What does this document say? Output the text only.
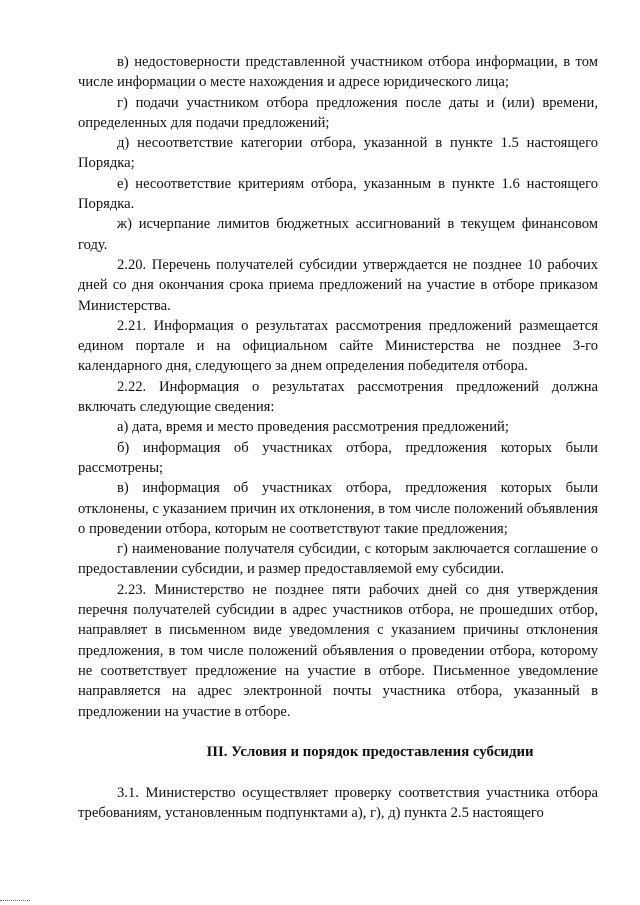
в) недостоверности представленной участником отбора информации, в том числе информации о месте нахождения и адресе юридического лица;

г) подачи участником отбора предложения после даты и (или) времени, определенных для подачи предложений;

д) несоответствие категории отбора, указанной в пункте 1.5 настоящего Порядка;

е) несоответствие критериям отбора, указанным в пункте 1.6 настоящего Порядка.

ж) исчерпание лимитов бюджетных ассигнований в текущем финансовом году.

2.20. Перечень получателей субсидии утверждается не позднее 10 рабочих дней со дня окончания срока приема предложений на участие в отборе приказом Министерства.

2.21. Информация о результатах рассмотрения предложений размещается едином портале и на официальном сайте Министерства не позднее 3-го календарного дня, следующего за днем определения победителя отбора.

2.22. Информация о результатах рассмотрения предложений должна включать следующие сведения:

а) дата, время и место проведения рассмотрения предложений;

б) информация об участниках отбора, предложения которых были рассмотрены;

в) информация об участниках отбора, предложения которых были отклонены, с указанием причин их отклонения, в том числе положений объявления о проведении отбора, которым не соответствуют такие предложения;

г) наименование получателя субсидии, с которым заключается соглашение о предоставлении субсидии, и размер предоставляемой ему субсидии.

2.23. Министерство не позднее пяти рабочих дней со дня утверждения перечня получателей субсидии в адрес участников отбора, не прошедших отбор, направляет в письменном виде уведомления с указанием причины отклонения предложения, в том числе положений объявления о проведении отбора, которому не соответствует предложение на участие в отборе. Письменное уведомление направляется на адрес электронной почты участника отбора, указанный в предложении на участие в отборе.

III. Условия и порядок предоставления субсидии

3.1. Министерство осуществляет проверку соответствия участника отбора требованиям, установленным подпунктами а), г), д) пункта 2.5 настоящего
